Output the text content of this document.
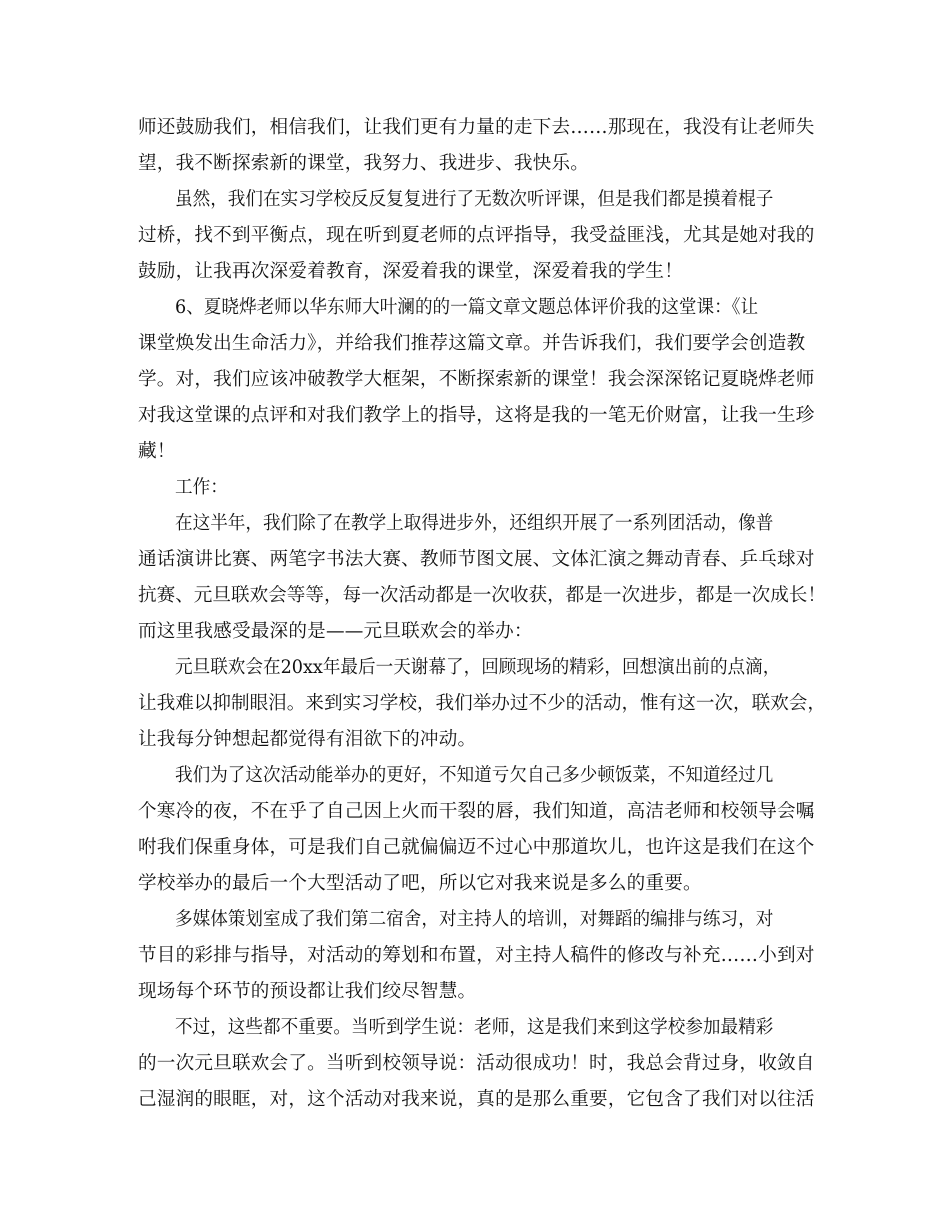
师还鼓励我们，相信我们，让我们更有力量的走下去……那现在，我没有让老师失
望，我不断探索新的课堂，我努力、我进步、我快乐。
虽然，我们在实习学校反反复复进行了无数次听评课，但是我们都是摸着棍子
过桥，找不到平衡点，现在听到夏老师的点评指导，我受益匪浅，尤其是她对我的
鼓励，让我再次深爱着教育，深爱着我的课堂，深爱着我的学生！
6、夏晓烨老师以华东师大叶澜的的一篇文章文题总体评价我的这堂课：《让
课堂焕发出生命活力》，并给我们推荐这篇文章。并告诉我们，我们要学会创造教
学。对，我们应该冲破教学大框架，不断探索新的课堂！我会深深铭记夏晓烨老师
对我这堂课的点评和对我们教学上的指导，这将是我的一笔无价财富，让我一生珍
藏！
工作：
在这半年，我们除了在教学上取得进步外，还组织开展了一系列团活动，像普
通话演讲比赛、两笔字书法大赛、教师节图文展、文体汇演之舞动青春、乒乓球对
抗赛、元旦联欢会等等，每一次活动都是一次收获，都是一次进步，都是一次成长！
而这里我感受最深的是——元旦联欢会的举办：
元旦联欢会在20xx年最后一天谢幕了，回顾现场的精彩，回想演出前的点滴，
让我难以抑制眼泪。来到实习学校，我们举办过不少的活动，惟有这一次，联欢会，
让我每分钟想起都觉得有泪欲下的冲动。
我们为了这次活动能举办的更好，不知道亏欠自己多少顿饭菜，不知道经过几
个寒冷的夜，不在乎了自己因上火而干裂的唇，我们知道，高洁老师和校领导会嘱
咐我们保重身体，可是我们自己就偏偏迈不过心中那道坎儿，也许这是我们在这个
学校举办的最后一个大型活动了吧，所以它对我来说是多么的重要。
多媒体策划室成了我们第二宿舍，对主持人的培训，对舞蹈的编排与练习，对
节目的彩排与指导，对活动的筹划和布置，对主持人稿件的修改与补充……小到对
现场每个环节的预设都让我们绞尽智慧。
不过，这些都不重要。当听到学生说：老师，这是我们来到这学校参加最精彩
的一次元旦联欢会了。当听到校领导说：活动很成功！时，我总会背过身，收敛自
己湿润的眼眶，对，这个活动对我来说，真的是那么重要，它包含了我们对以往活
